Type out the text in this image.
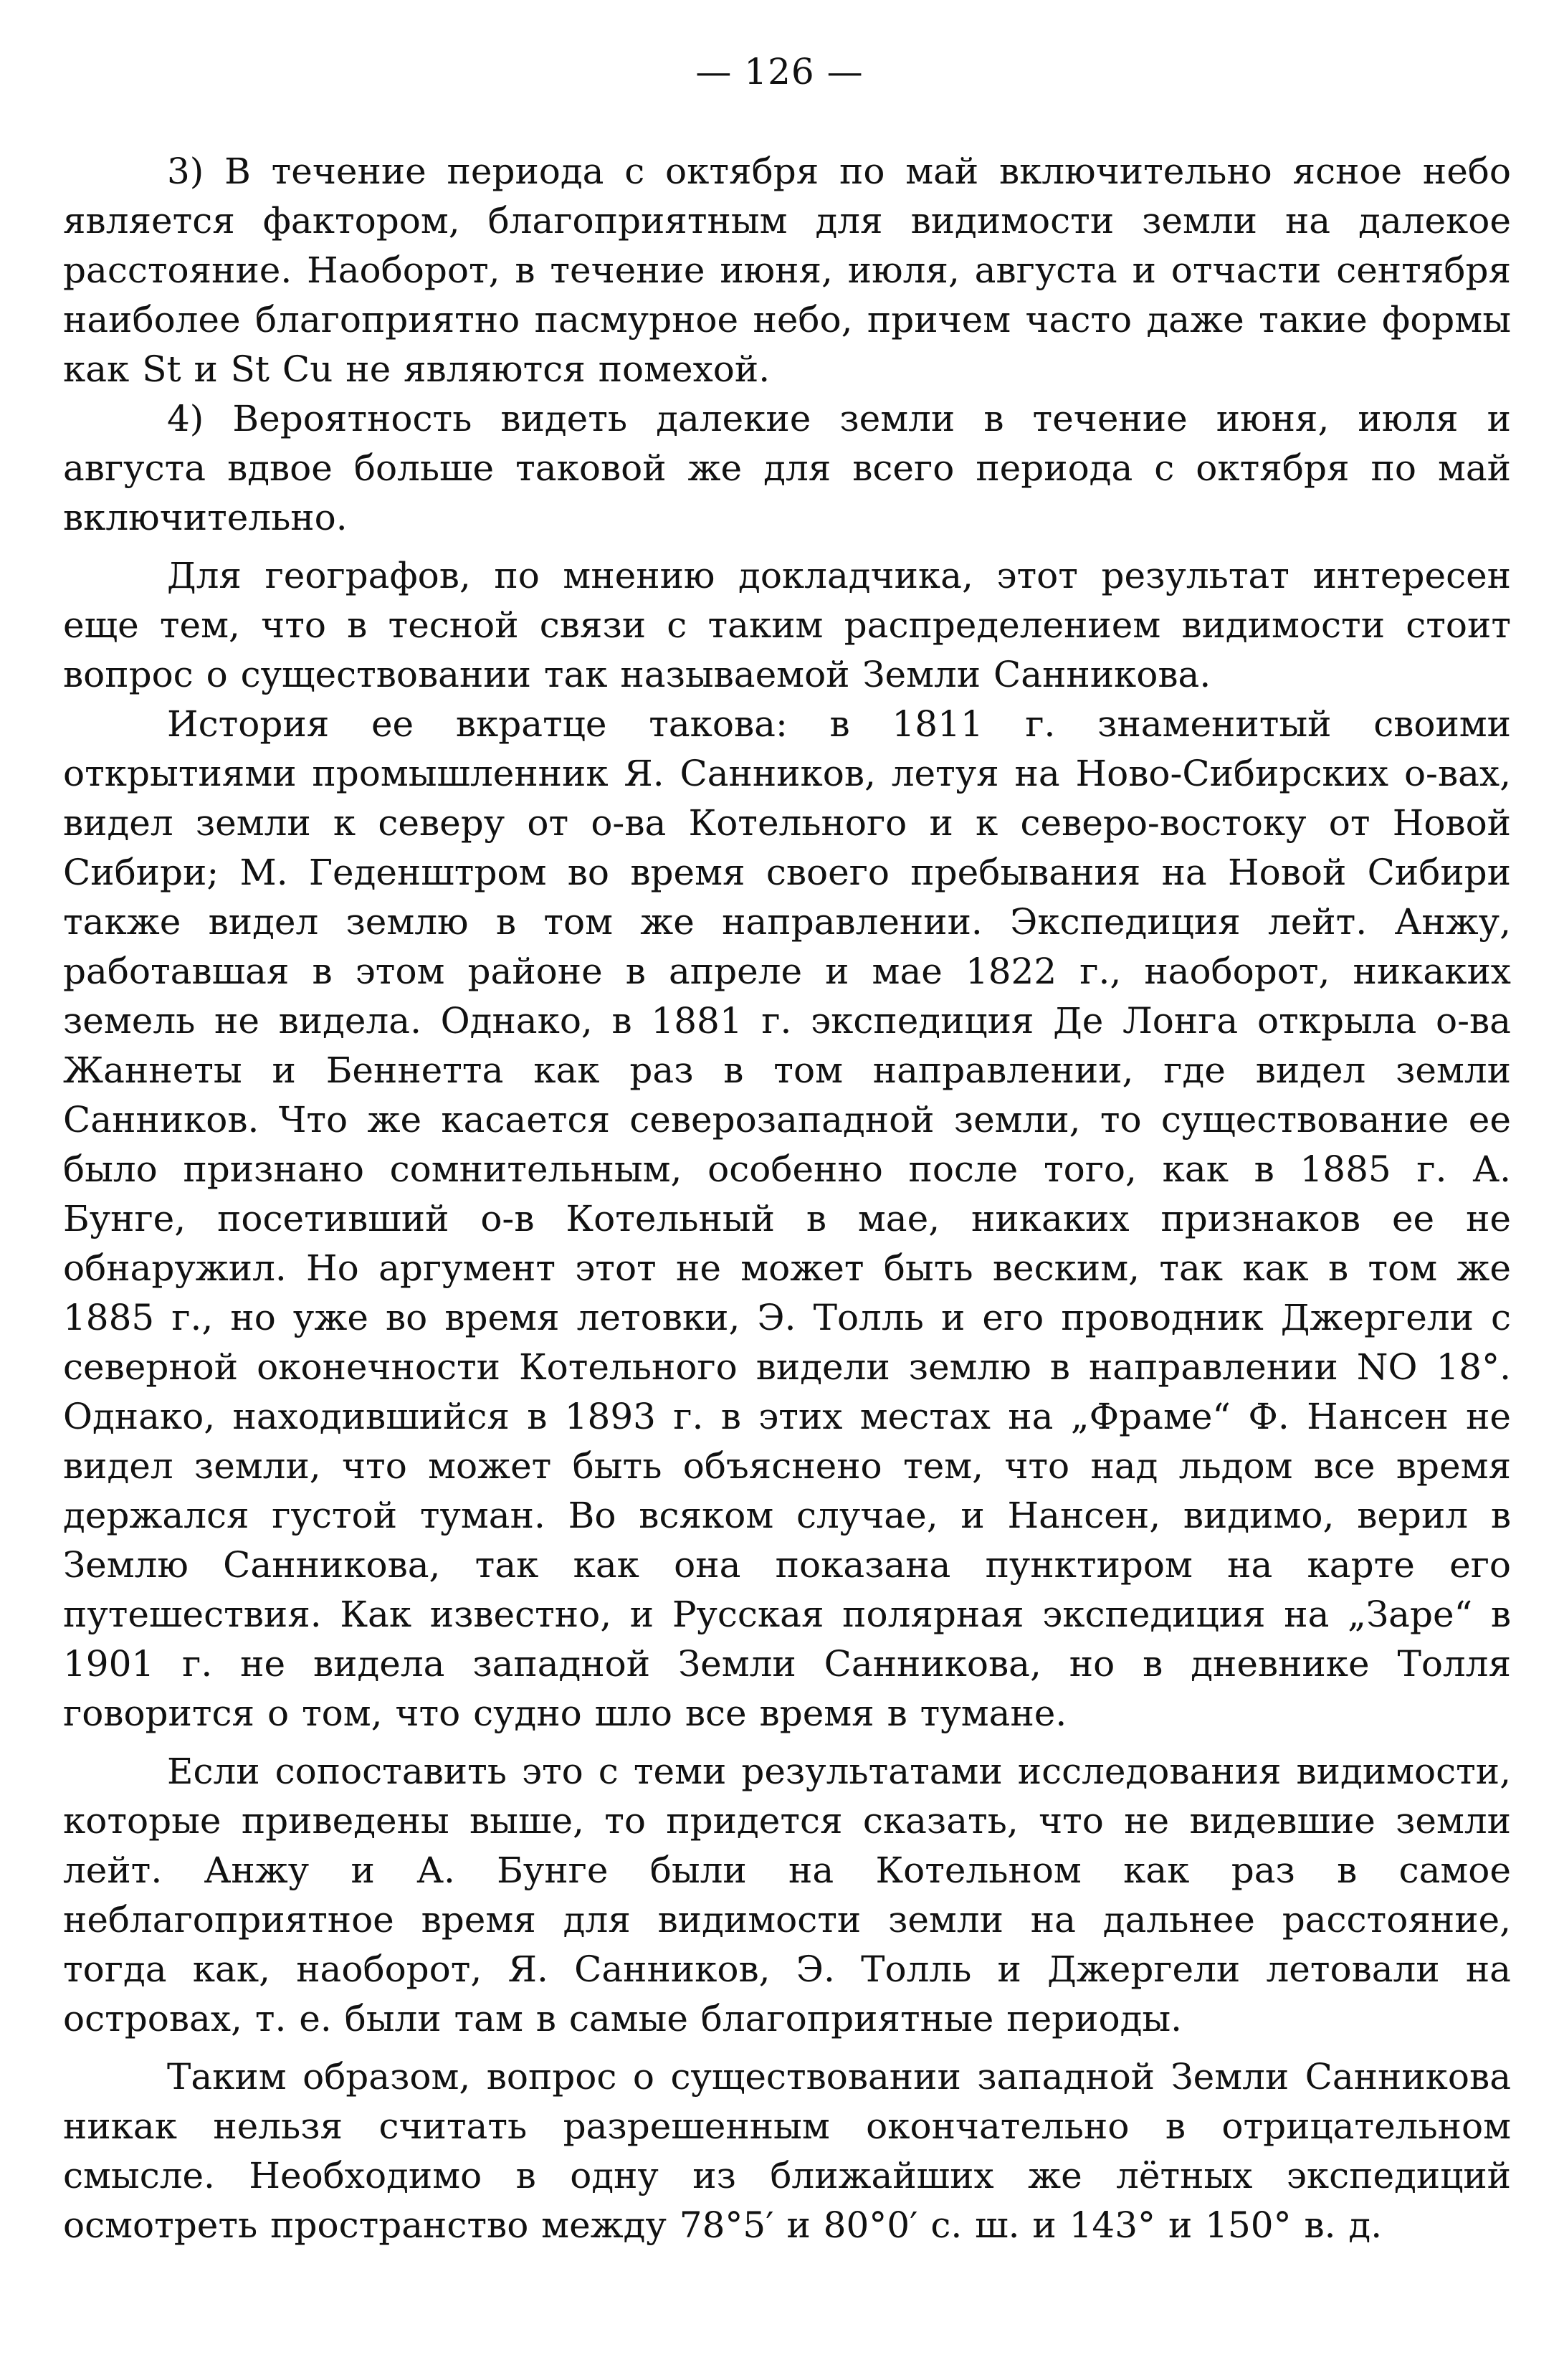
— 126 —

3) В течение периода с октября по май включительно ясное небо является фактором, благоприятным для видимости земли на далекое расстояние. Наоборот, в течение июня, июля, августа и отчасти сентября наиболее благоприятно пасмурное небо, причем часто даже такие формы как St и St Cu не являются помехой.

4) Вероятность видеть далекие земли в течение июня, июля и августа вдвое больше таковой же для всего периода с октября по май включительно.

Для географов, по мнению докладчика, этот результат интересен еще тем, что в тесной связи с таким распределением видимости стоит вопрос о существовании так называемой Земли Санникова.

История ее вкратце такова: в 1811 г. знаменитый своими открытиями промышленник Я. Санников, летуя на Ново-Сибирских о-вах, видел земли к северу от о-ва Котельного и к северо-востоку от Новой Сибири; М. Геденштром во время своего пребывания на Новой Сибири также видел землю в том же направлении. Экспедиция лейт. Анжу, работавшая в этом районе в апреле и мае 1822 г., наоборот, никаких земель не видела. Однако, в 1881 г. экспедиция Де Лонга открыла о-ва Жаннеты и Беннетта как раз в том направлении, где видел земли Санников. Что же касается северозападной земли, то существование ее было признано сомнительным, особенно после того, как в 1885 г. А. Бунге, посетивший о-в Котельный в мае, никаких признаков ее не обнаружил. Но аргумент этот не может быть веским, так как в том же 1885 г., но уже во время летовки, Э. Толль и его проводник Джергели с северной оконечности Котельного видели землю в направлении NO 18°. Однако, находившийся в 1893 г. в этих местах на „Фраме“ Ф. Нансен не видел земли, что может быть объяснено тем, что над льдом все время держался густой туман. Во всяком случае, и Нансен, видимо, верил в Землю Санникова, так как она показана пунктиром на карте его путешествия. Как известно, и Русская полярная экспедиция на „Заре“ в 1901 г. не видела западной Земли Санникова, но в дневнике Толля говорится о том, что судно шло все время в тумане.

Если сопоставить это с теми результатами исследования видимости, которые приведены выше, то придется сказать, что не видевшие земли лейт. Анжу и А. Бунге были на Котельном как раз в самое неблагоприятное время для видимости земли на дальнее расстояние, тогда как, наоборот, Я. Санников, Э. Толль и Джергели летовали на островах, т. е. были там в самые благоприятные периоды.

Таким образом, вопрос о существовании западной Земли Санникова никак нельзя считать разрешенным окончательно в отрицательном смысле. Необходимо в одну из ближайших же лётных экспедиций осмотреть пространство между 78°5′ и 80°0′ с. ш. и 143° и 150° в. д.
